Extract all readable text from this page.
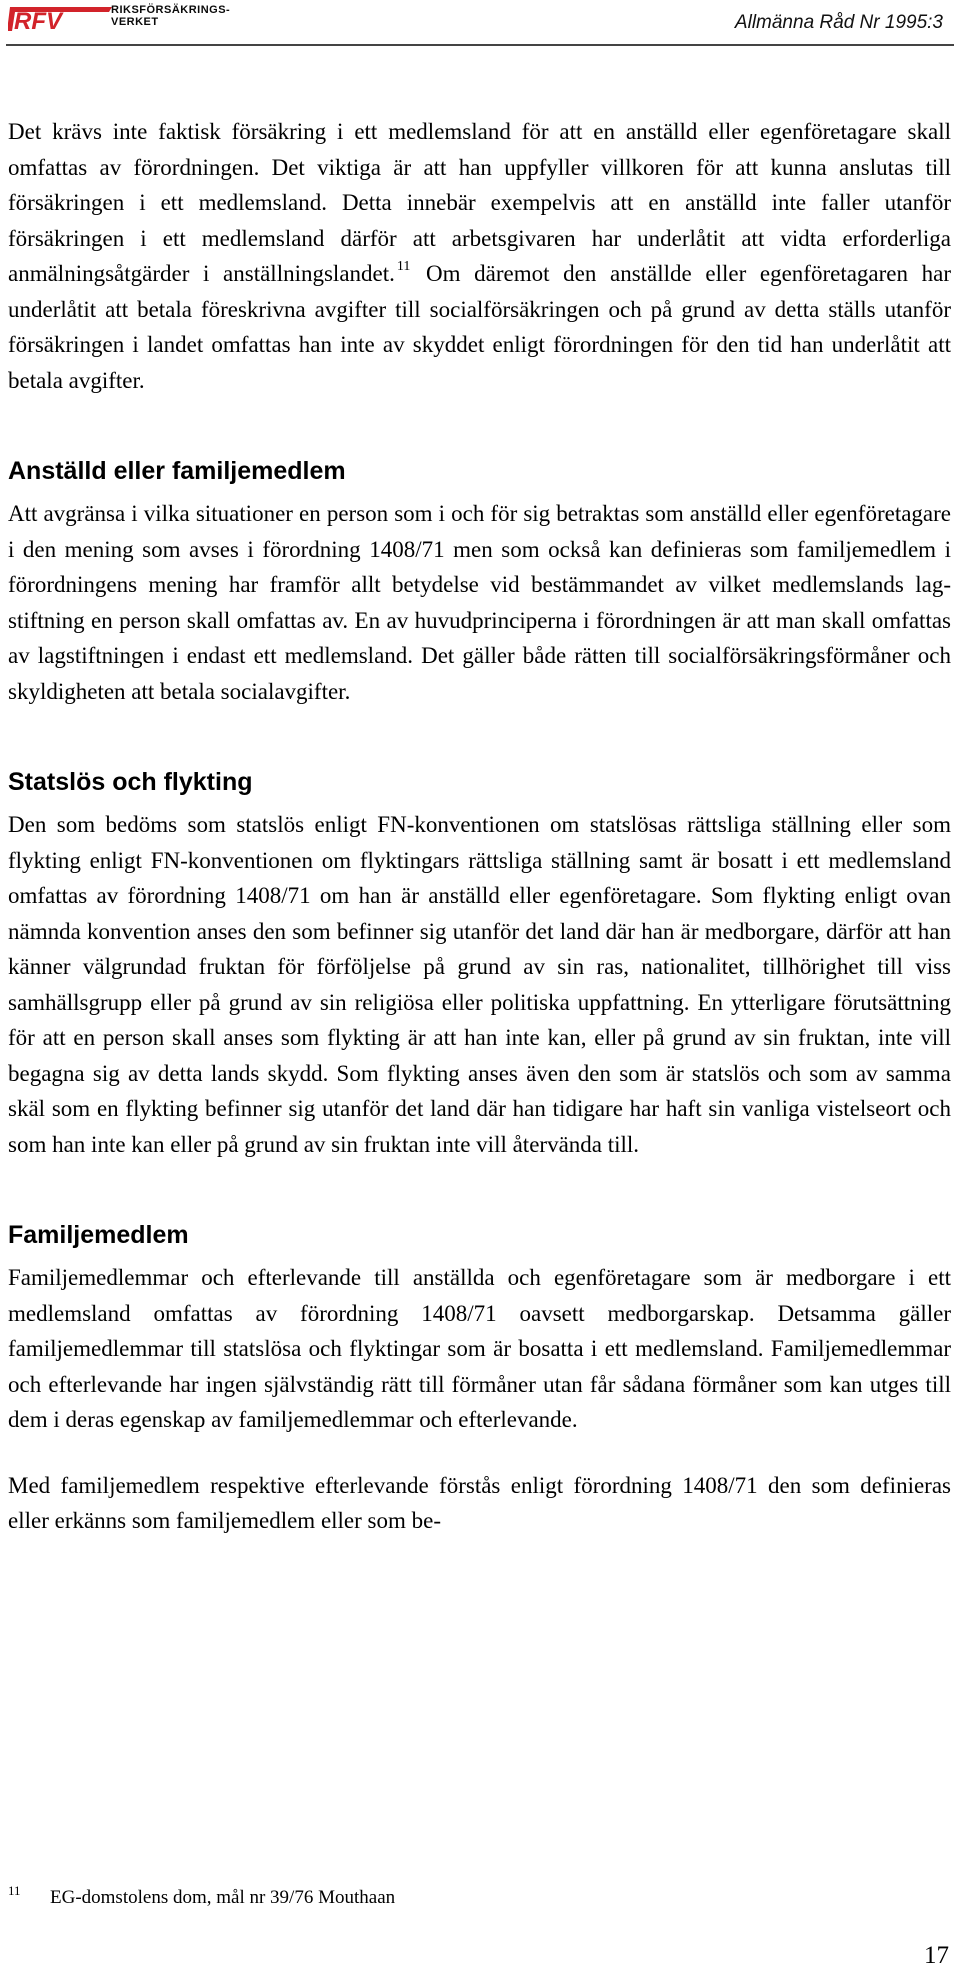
RFV	RIKSFÖRSÄKRINGS-
VERKET	Allmänna Råd Nr 1995:3

Det krävs inte faktisk försäkring i ett medlemsland för att en anställd eller egenföretagare skall omfattas av förordningen. Det viktiga är att han uppfyller villkoren för att kunna anslutas till försäkringen i ett medlemsland. Detta innebär exempelvis att en anställd inte faller utanför försäkringen i ett medlemsland därför att arbetsgivaren har underlåtit att vidta erforderliga anmälningsåtgärder i anställningslandet. $^{11}$ Om däremot den anställde eller egenföretagaren har underlåtit att betala föreskrivna avgifter till socialförsäkringen och på grund av detta ställs utanför försäkringen i landet omfattas han inte av skyddet enligt förordningen för den tid han underlåtit att betala avgifter.

Anställd eller familjemedlem

Att avgränsa i vilka situationer en person som i och för sig betraktas som anställd eller egenföretagare i den mening som avses i förordning 1408/71 men som också kan definieras som familjemedlem i förordningens mening har framför allt betydelse vid bestämmandet av vilket medlemslands lagstiftning en person skall omfattas av. En av huvudprinciperna i förordningen är att man skall omfattas av lagstiftningen i endast ett medlemsland. Det gäller både rätten till socialförsäkringsförmåner och skyldigheten att betala socialavgifter.

Statslös och flykting

Den som bedöms som statslös enligt FN-konventionen om statslösas rättsliga ställning eller som flykting enligt FN-konventionen om flyktingars rättsliga ställning samt är bosatt i ett medlemsland omfattas av förordning 1408/71 om han är anställd eller egenföretagare. Som flykting enligt ovan nämnda konvention anses den som befinner sig utanför det land där han är medborgare, därför att han känner välgrundad fruktan för förföljelse på grund av sin ras, nationalitet, tillhörighet till viss samhällsgrupp eller på grund av sin religiösa eller politiska uppfattning. En ytterligare förutsättning för att en person skall anses som flykting är att han inte kan, eller på grund av sin fruktan, inte vill begagna sig av detta lands skydd. Som flykting anses även den som är statslös och som av samma skäl som en flykting befinner sig utanför det land där han tidigare har haft sin vanliga vistelseort och som han inte kan eller på grund av sin fruktan inte vill återvända till.

Familjemedlem

Familjemedlemmar och efterlevande till anställda och egenföretagare som är medborgare i ett medlemsland omfattas av förordning 1408/71 oavsett medborgarskap. Detsamma gäller familjemedlemmar till statslösa och flyktingar som är bosatta i ett medlemsland. Familjemedlemmar och efterlevande har ingen självständig rätt till förmåner utan får sådana förmåner som kan utges till dem i deras egenskap av familjemedlemmar och efterlevande.

Med familjemedlem respektive efterlevande förstås enligt förordning 1408/71 den som definieras eller erkänns som familjemedlem eller som be-

11 EG-domstolens dom, mål nr 39/76 Mouthaan
17
